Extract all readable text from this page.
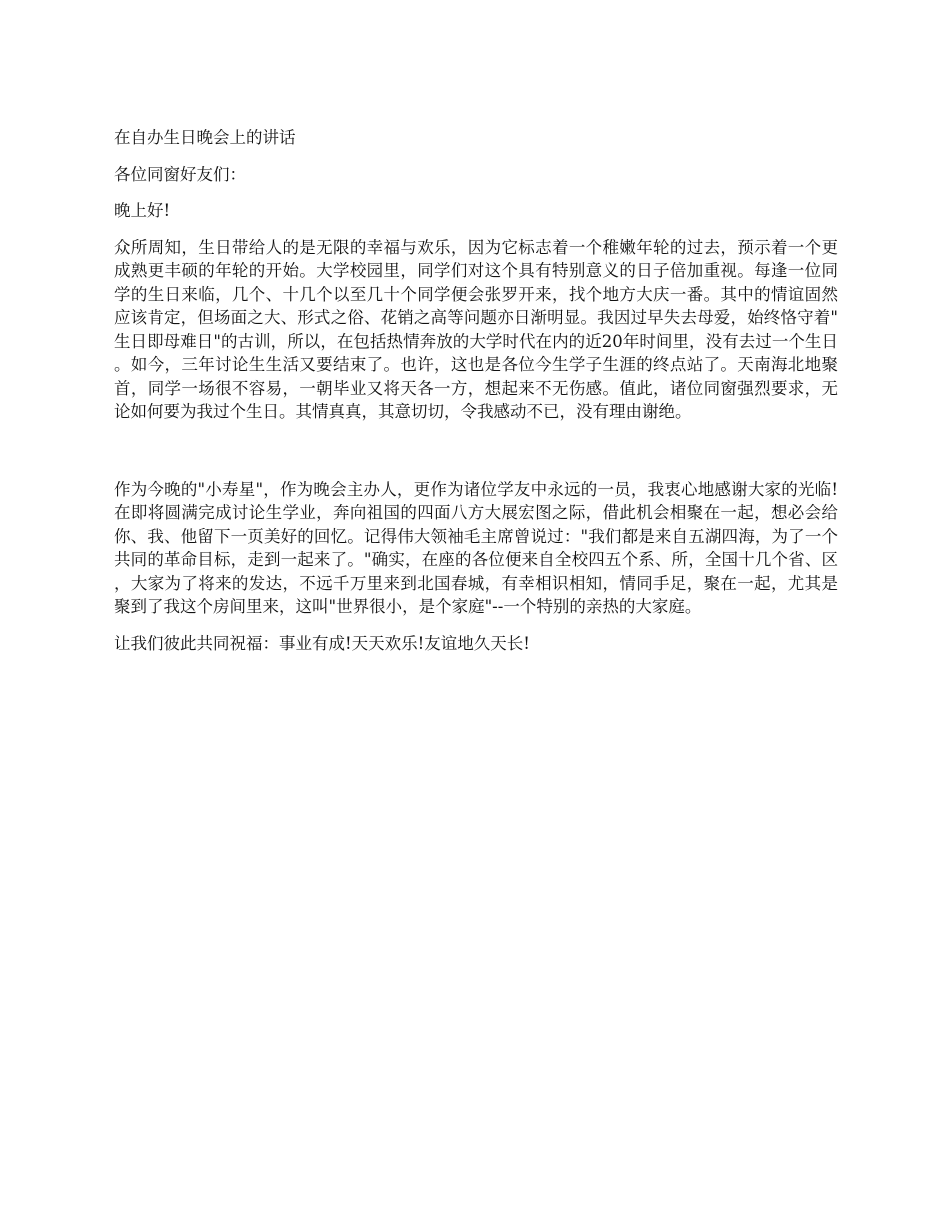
在自办生日晚会上的讲话

各位同窗好友们：

晚上好!

众所周知，生日带给人的是无限的幸福与欢乐，因为它标志着一个稚嫩年轮的过去，预示着一个更成熟更丰硕的年轮的开始。大学校园里，同学们对这个具有特别意义的日子倍加重视。每逢一位同学的生日来临，几个、十几个以至几十个同学便会张罗开来，找个地方大庆一番。其中的情谊固然应该肯定，但场面之大、形式之俗、花销之高等问题亦日渐明显。我因过早失去母爱，始终恪守着"生日即母难日"的古训，所以，在包括热情奔放的大学时代在内的近20年时间里，没有去过一个生日。如今，三年讨论生生活又要结束了。也许，这也是各位今生学子生涯的终点站了。天南海北地聚首，同学一场很不容易，一朝毕业又将天各一方，想起来不无伤感。值此，诸位同窗强烈要求，无论如何要为我过个生日。其情真真，其意切切，令我感动不已，没有理由谢绝。

作为今晚的"小寿星"，作为晚会主办人，更作为诸位学友中永远的一员，我衷心地感谢大家的光临!在即将圆满完成讨论生学业，奔向祖国的四面八方大展宏图之际，借此机会相聚在一起，想必会给你、我、他留下一页美好的回忆。记得伟大领袖毛主席曾说过："我们都是来自五湖四海，为了一个共同的革命目标，走到一起来了。"确实，在座的各位便来自全校四五个系、所，全国十几个省、区，大家为了将来的发达，不远千万里来到北国春城，有幸相识相知，情同手足，聚在一起，尤其是聚到了我这个房间里来，这叫"世界很小，是个家庭"--一个特别的亲热的大家庭。

让我们彼此共同祝福：事业有成!天天欢乐!友谊地久天长!
